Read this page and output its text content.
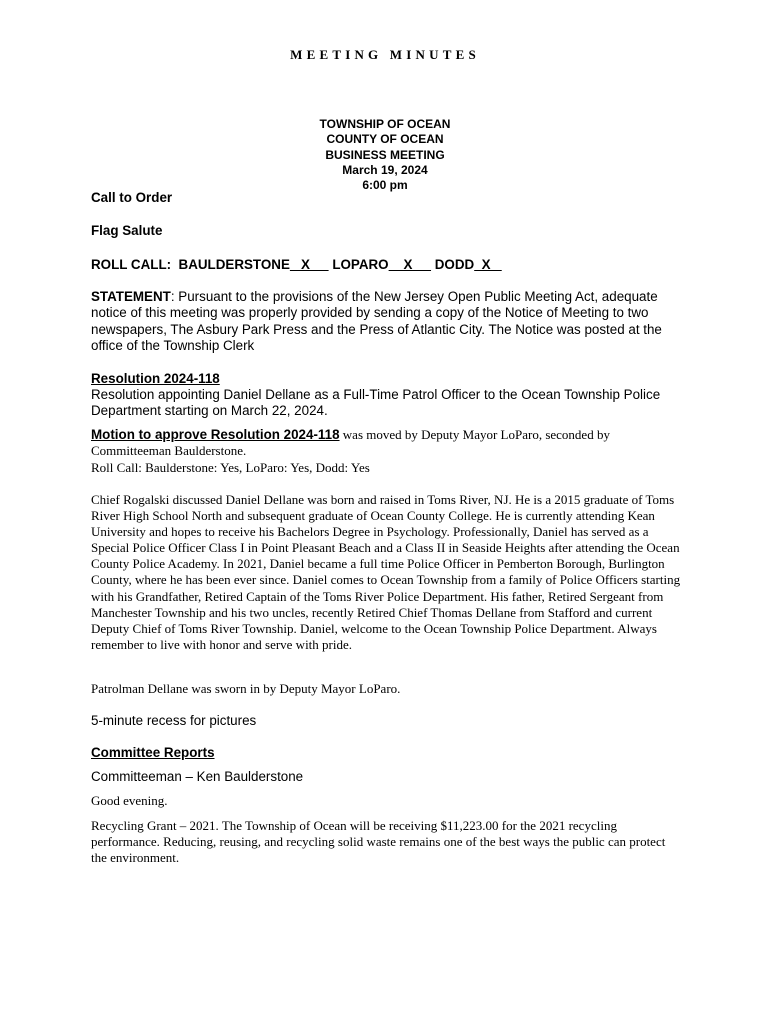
MEETING MINUTES
TOWNSHIP OF OCEAN
COUNTY OF OCEAN
BUSINESS MEETING
March 19, 2024
6:00 pm
Call to Order
Flag Salute
ROLL CALL:  BAULDERSTONE   X      LOPARO    X      DODD  X
STATEMENT: Pursuant to the provisions of the New Jersey Open Public Meeting Act, adequate notice of this meeting was properly provided by sending a copy of the Notice of Meeting to two newspapers, The Asbury Park Press and the Press of Atlantic City. The Notice was posted at the office of the Township Clerk
Resolution 2024-118
Resolution appointing Daniel Dellane as a Full-Time Patrol Officer to the Ocean Township Police Department starting on March 22, 2024.
Motion to approve Resolution 2024-118 was moved by Deputy Mayor LoParo, seconded by Committeeman Baulderstone.
Roll Call: Baulderstone: Yes, LoParo: Yes, Dodd: Yes
Chief Rogalski discussed Daniel Dellane was born and raised in Toms River, NJ. He is a 2015 graduate of Toms River High School North and subsequent graduate of Ocean County College. He is currently attending Kean University and hopes to receive his Bachelors Degree in Psychology. Professionally, Daniel has served as a Special Police Officer Class I in Point Pleasant Beach and a Class II in Seaside Heights after attending the Ocean County Police Academy. In 2021, Daniel became a full time Police Officer in Pemberton Borough, Burlington County, where he has been ever since. Daniel comes to Ocean Township from a family of Police Officers starting with his Grandfather, Retired Captain of the Toms River Police Department. His father, Retired Sergeant from Manchester Township and his two uncles, recently Retired Chief Thomas Dellane from Stafford and current Deputy Chief of Toms River Township. Daniel, welcome to the Ocean Township Police Department. Always remember to live with honor and serve with pride.
Patrolman Dellane was sworn in by Deputy Mayor LoParo.
5-minute recess for pictures
Committee Reports
Committeeman – Ken Baulderstone
Good evening.
Recycling Grant – 2021. The Township of Ocean will be receiving $11,223.00 for the 2021 recycling performance. Reducing, reusing, and recycling solid waste remains one of the best ways the public can protect the environment.
